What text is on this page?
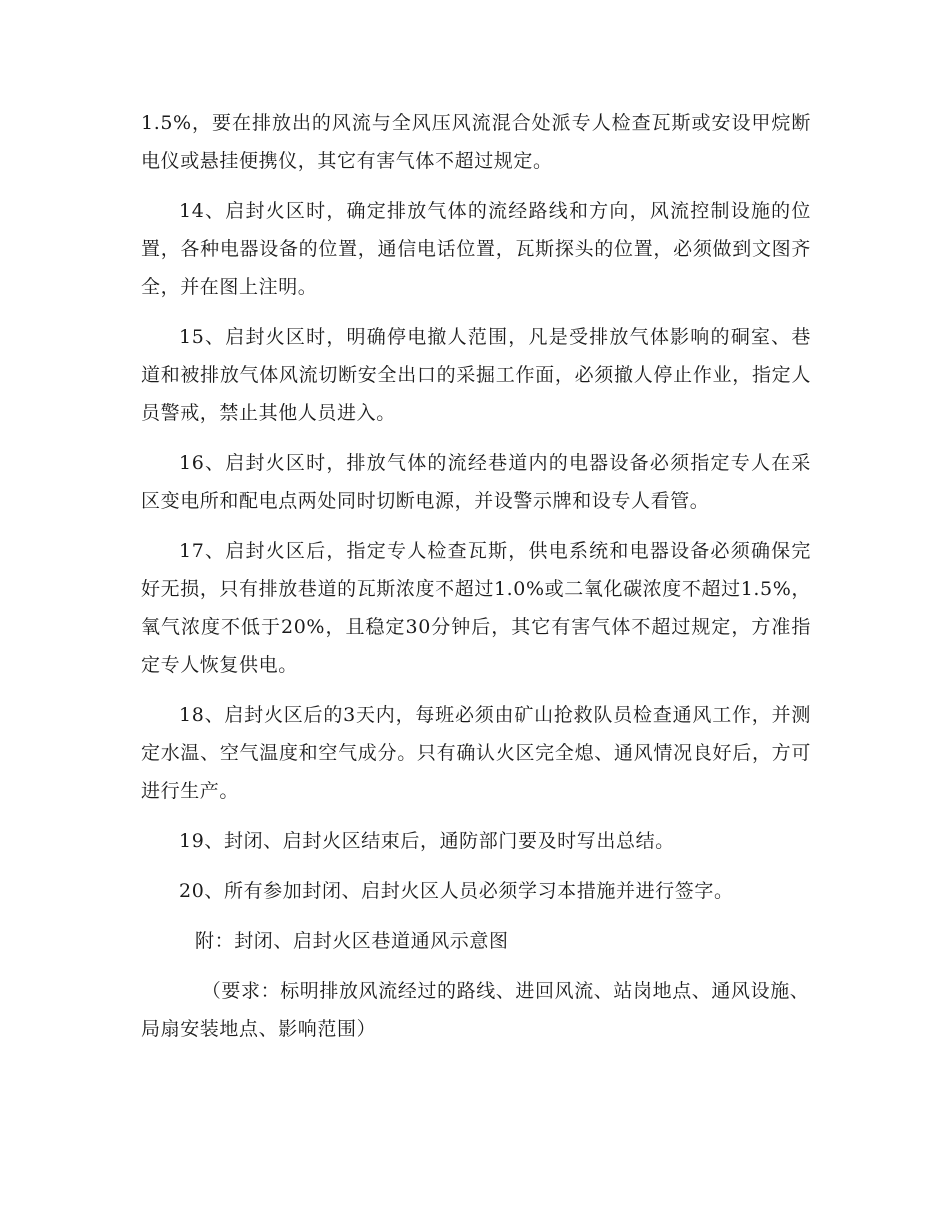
1.5%，要在排放出的风流与全风压风流混合处派专人检查瓦斯或安设甲烷断电仪或悬挂便携仪，其它有害气体不超过规定。

14、启封火区时，确定排放气体的流经路线和方向，风流控制设施的位置，各种电器设备的位置，通信电话位置，瓦斯探头的位置，必须做到文图齐全，并在图上注明。

15、启封火区时，明确停电撤人范围，凡是受排放气体影响的硐室、巷道和被排放气体风流切断安全出口的采掘工作面，必须撤人停止作业，指定人员警戒，禁止其他人员进入。

16、启封火区时，排放气体的流经巷道内的电器设备必须指定专人在采区变电所和配电点两处同时切断电源，并设警示牌和设专人看管。

17、启封火区后，指定专人检查瓦斯，供电系统和电器设备必须确保完好无损，只有排放巷道的瓦斯浓度不超过1.0%或二氧化碳浓度不超过1.5%，氧气浓度不低于20%，且稳定30分钟后，其它有害气体不超过规定，方准指定专人恢复供电。

18、启封火区后的3天内，每班必须由矿山抢救队员检查通风工作，并测定水温、空气温度和空气成分。只有确认火区完全熄、通风情况良好后，方可进行生产。

19、封闭、启封火区结束后，通防部门要及时写出总结。

20、所有参加封闭、启封火区人员必须学习本措施并进行签字。

附：封闭、启封火区巷道通风示意图

（要求：标明排放风流经过的路线、进回风流、站岗地点、通风设施、局扇安装地点、影响范围）
